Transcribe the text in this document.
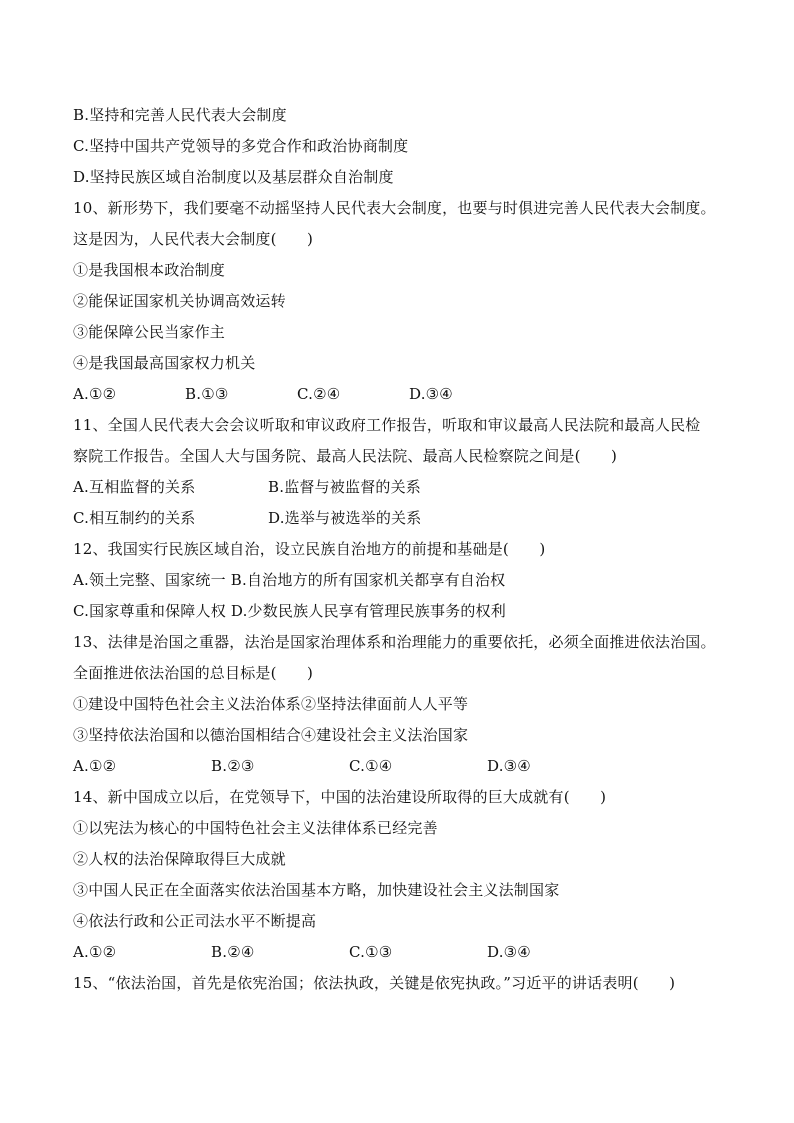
B.坚持和完善人民代表大会制度
C.坚持中国共产党领导的多党合作和政治协商制度
D.坚持民族区域自治制度以及基层群众自治制度
10、新形势下，我们要毫不动摇坚持人民代表大会制度，也要与时俱进完善人民代表大会制度。
这是因为，人民代表大会制度(　　)
①是我国根本政治制度
②能保证国家机关协调高效运转
③能保障公民当家作主
④是我国最高国家权力机关
A.①②	B.①③	C.②④	D.③④
11、全国人民代表大会会议听取和审议政府工作报告，听取和审议最高人民法院和最高人民检
察院工作报告。全国人大与国务院、最高人民法院、最高人民检察院之间是(　　)
A.互相监督的关系	B.监督与被监督的关系
C.相互制约的关系	D.选举与被选举的关系
12、我国实行民族区域自治，设立民族自治地方的前提和基础是(　　)
A.领土完整、国家统一 B.自治地方的所有国家机关都享有自治权
C.国家尊重和保障人权 D.少数民族人民享有管理民族事务的权利
13、法律是治国之重器，法治是国家治理体系和治理能力的重要依托，必须全面推进依法治国。
全面推进依法治国的总目标是(　　)
①建设中国特色社会主义法治体系②坚持法律面前人人平等
③坚持依法治国和以德治国相结合④建设社会主义法治国家
A.①②	B.②③	C.①④	D.③④
14、新中国成立以后，在党领导下，中国的法治建设所取得的巨大成就有(　　)
①以宪法为核心的中国特色社会主义法律体系已经完善
②人权的法治保障取得巨大成就
③中国人民正在全面落实依法治国基本方略，加快建设社会主义法制国家
④依法行政和公正司法水平不断提高
A.①②	B.②④	C.①③	D.③④
15、“依法治国，首先是依宪治国；依法执政，关键是依宪执政。”习近平的讲话表明(　　)
